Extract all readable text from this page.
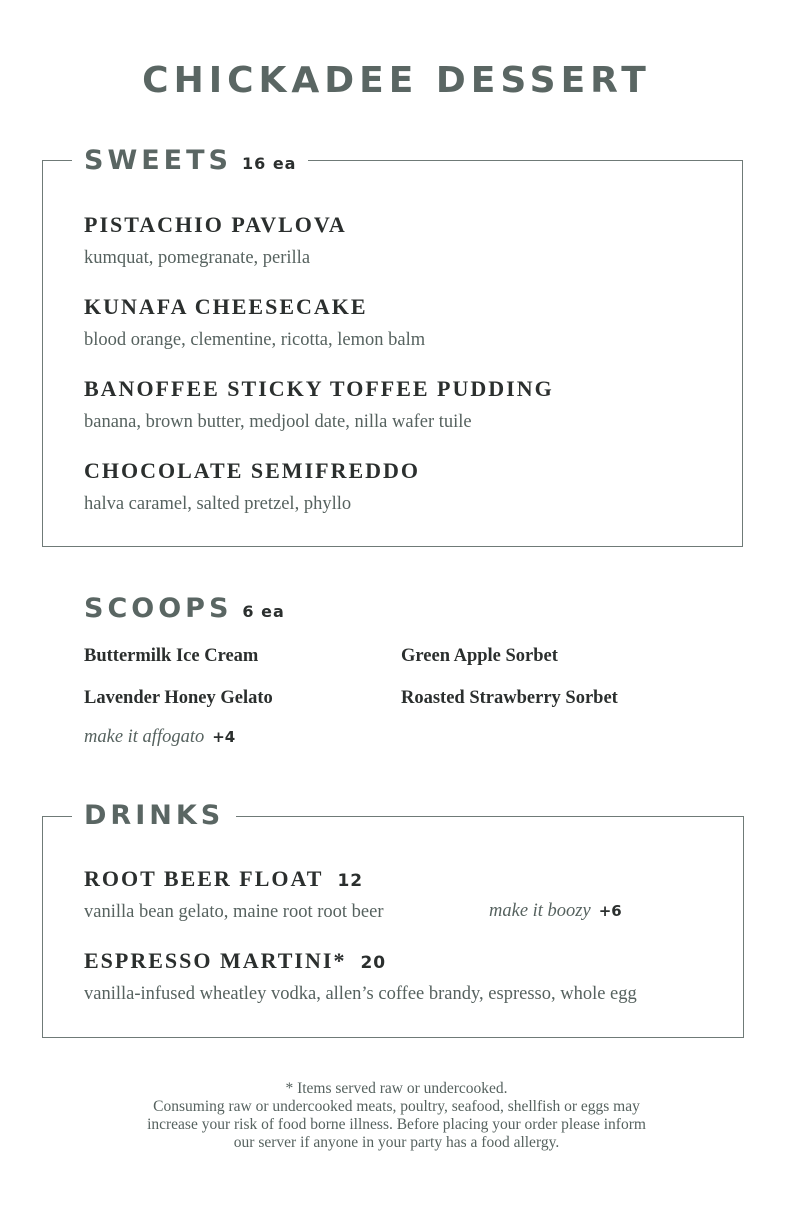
CHICKADEE DESSERT
SWEETS 16 ea
PISTACHIO PAVLOVA
kumquat, pomegranate, perilla
KUNAFA CHEESECAKE
blood orange, clementine, ricotta, lemon balm
BANOFFEE STICKY TOFFEE PUDDING
banana, brown butter, medjool date, nilla wafer tuile
CHOCOLATE SEMIFREDDO
halva caramel, salted pretzel, phyllo
SCOOPS 6 ea
Buttermilk Ice Cream	Green Apple Sorbet
Lavender Honey Gelato	Roasted Strawberry Sorbet
make it affogato +4
DRINKS
ROOT BEER FLOAT 12
vanilla bean gelato, maine root root beer	make it boozy +6
ESPRESSO MARTINI* 20
vanilla-infused wheatley vodka, allen’s coffee brandy, espresso, whole egg
* Items served raw or undercooked.
Consuming raw or undercooked meats, poultry, seafood, shellfish or eggs may
increase your risk of food borne illness. Before placing your order please inform
our server if anyone in your party has a food allergy.
